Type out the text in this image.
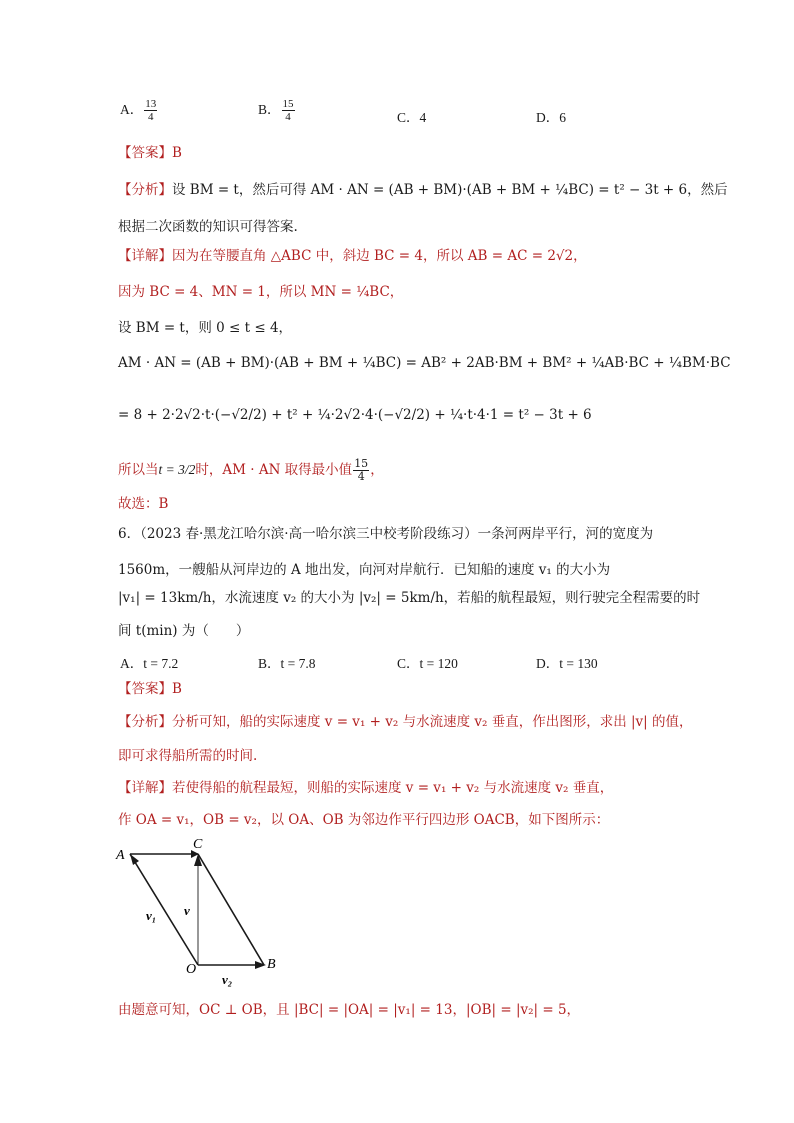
A． $\frac{13}{4}$	B． $\frac{15}{4}$	C．4	D．6
【答案】B
【分析】设 BM = t，然后可得 AM · AN = (AB + BM)·(AB + BM + ¼BC) = t² − 3t + 6，然后
根据二次函数的知识可得答案.
【详解】因为在等腰直角 △ABC 中，斜边 BC = 4，所以 AB = AC = 2√2，
因为 BC = 4、MN = 1，所以 MN = ¼BC，
设 BM = t，则 0 ≤ t ≤ 4，
AM · AN = (AB + BM)·(AB + BM + ¼BC) = AB² + 2AB·BM + BM² + ¼AB·BC + ¼BM·BC
= 8 + 2·2√2·t·(−√2/2) + t² + ¼·2√2·4·(−√2/2) + ¼·t·4·1 = t² − 3t + 6
所以当t = 3/2时，AM · AN 取得最小值 $\frac{15}{4}$ ，
故选：B
6．（2023 春·黑龙江哈尔滨·高一哈尔滨三中校考阶段练习）一条河两岸平行，河的宽度为
1560m，一艘船从河岸边的 A 地出发，向河对岸航行．已知船的速度 v₁ 的大小为
|v₁| = 13km/h，水流速度 v₂ 的大小为 |v₂| = 5km/h，若船的航程最短，则行驶完全程需要的时
间 t(min) 为（　　）
A．t = 7.2	B．t = 7.8	C．t = 120	D．t = 130
【答案】B
【分析】分析可知，船的实际速度 v = v₁ + v₂ 与水流速度 v₂ 垂直，作出图形，求出 |v| 的值，
即可求得船所需的时间.
【详解】若使得船的航程最短，则船的实际速度 v = v₁ + v₂ 与水流速度 v₂ 垂直，
作 OA = v₁，OB = v₂，以 OA、OB 为邻边作平行四边形 OACB，如下图所示：
A
C
O	B
v₁ v
v₂
由题意可知，OC ⊥ OB，且 |BC| = |OA| = |v₁| = 13，|OB| = |v₂| = 5，
